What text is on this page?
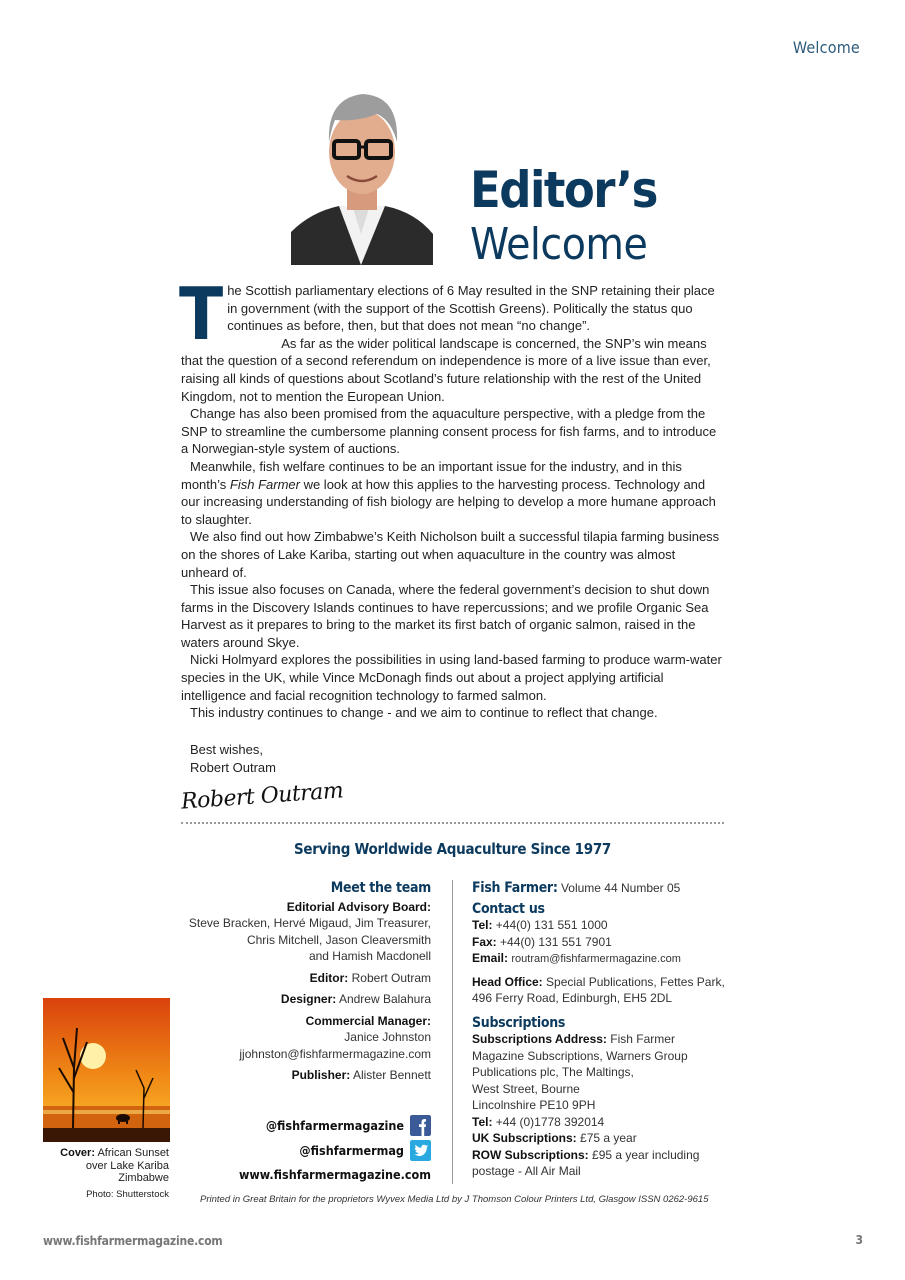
Welcome
Editor’s
Welcome

The Scottish parliamentary elections of 6 May resulted in the SNP retaining their place in government (with the support of the Scottish Greens). Politically the status quo continues as before, then, but that does not mean “no change”.
As far as the wider political landscape is concerned, the SNP’s win means that the question of a second referendum on independence is more of a live issue than ever, raising all kinds of questions about Scotland’s future relationship with the rest of the United Kingdom, not to mention the European Union.

Change has also been promised from the aquaculture perspective, with a pledge from the SNP to streamline the cumbersome planning consent process for fish farms, and to introduce a Norwegian-style system of auctions.

Meanwhile, fish welfare continues to be an important issue for the industry, and in this month’s Fish Farmer we look at how this applies to the harvesting process. Technology and our increasing understanding of fish biology are helping to develop a more humane approach to slaughter.

We also find out how Zimbabwe’s Keith Nicholson built a successful tilapia farming business on the shores of Lake Kariba, starting out when aquaculture in the country was almost unheard of.

This issue also focuses on Canada, where the federal government’s decision to shut down farms in the Discovery Islands continues to have repercussions; and we profile Organic Sea Harvest as it prepares to bring to the market its first batch of organic salmon, raised in the waters around Skye.

Nicki Holmyard explores the possibilities in using land-based farming to produce warm-water species in the UK, while Vince McDonagh finds out about a project applying artificial intelligence and facial recognition technology to farmed salmon.

This industry continues to change - and we aim to continue to reflect that change.

Best wishes,
Robert Outram
Robert Outram
Serving Worldwide Aquaculture Since 1977
Meet the team
Editorial Advisory Board:
Steve Bracken, Hervé Migaud, Jim Treasurer,
Chris Mitchell, Jason Cleaversmith
and Hamish Macdonell
Editor: Robert Outram
Designer: Andrew Balahura
Commercial Manager:
Janice Johnston
jjohnston@fishfarmermagazine.com
Publisher: Alister Bennett
@fishfarmermagazine
@fishfarmermag
www.fishfarmermagazine.com
Fish Farmer: Volume 44 Number 05
Contact us
Tel: +44(0) 131 551 1000
Fax: +44(0) 131 551 7901
Email: routram@fishfarmermagazine.com
Head Office: Special Publications, Fettes Park,
496 Ferry Road, Edinburgh, EH5 2DL
Subscriptions
Subscriptions Address: Fish Farmer
Magazine Subscriptions, Warners Group
Publications plc, The Maltings,
West Street, Bourne
Lincolnshire PE10 9PH
Tel: +44 (0)1778 392014
UK Subscriptions: £75 a year
ROW Subscriptions: £95 a year including
postage - All Air Mail
Cover: African Sunset
over Lake Kariba
Zimbabwe
Photo: Shutterstock	Printed in Great Britain for the proprietors Wyvex Media Ltd by J Thomson Colour Printers Ltd, Glasgow ISSN 0262-9615
www.fishfarmermagazine.com	3
